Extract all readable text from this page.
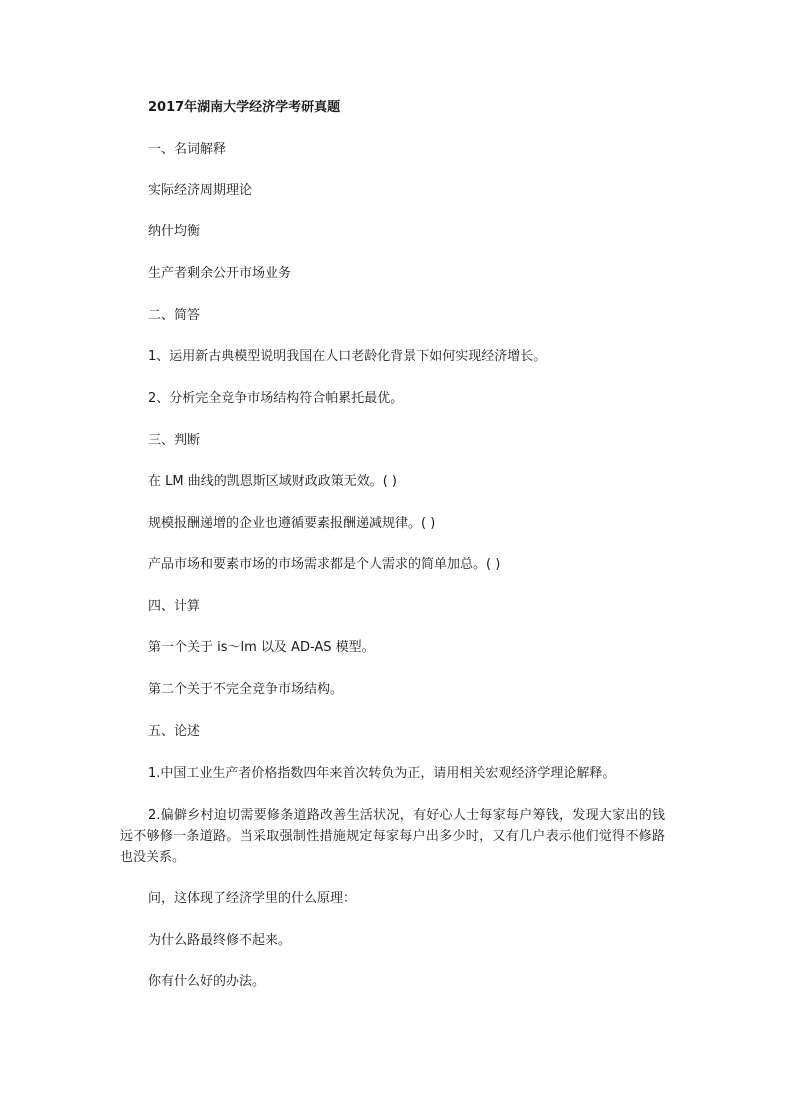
2017年湖南大学经济学考研真题
一、名词解释
实际经济周期理论
纳什均衡
生产者剩余公开市场业务
二、简答
1、运用新古典模型说明我国在人口老龄化背景下如何实现经济增长。
2、分析完全竞争市场结构符合帕累托最优。
三、判断
在 LM 曲线的凯恩斯区域财政政策无效。( )
规模报酬递增的企业也遵循要素报酬递减规律。( )
产品市场和要素市场的市场需求都是个人需求的简单加总。( )
四、计算
第一个关于 is～lm 以及 AD-AS 模型。
第二个关于不完全竞争市场结构。
五、论述
1.中国工业生产者价格指数四年来首次转负为正，请用相关宏观经济学理论解释。
2.偏僻乡村迫切需要修条道路改善生活状况，有好心人士每家每户筹钱，发现大家出的钱远不够修一条道路。当采取强制性措施规定每家每户出多少时，又有几户表示他们觉得不修路也没关系。
问，这体现了经济学里的什么原理：
为什么路最终修不起来。
你有什么好的办法。
